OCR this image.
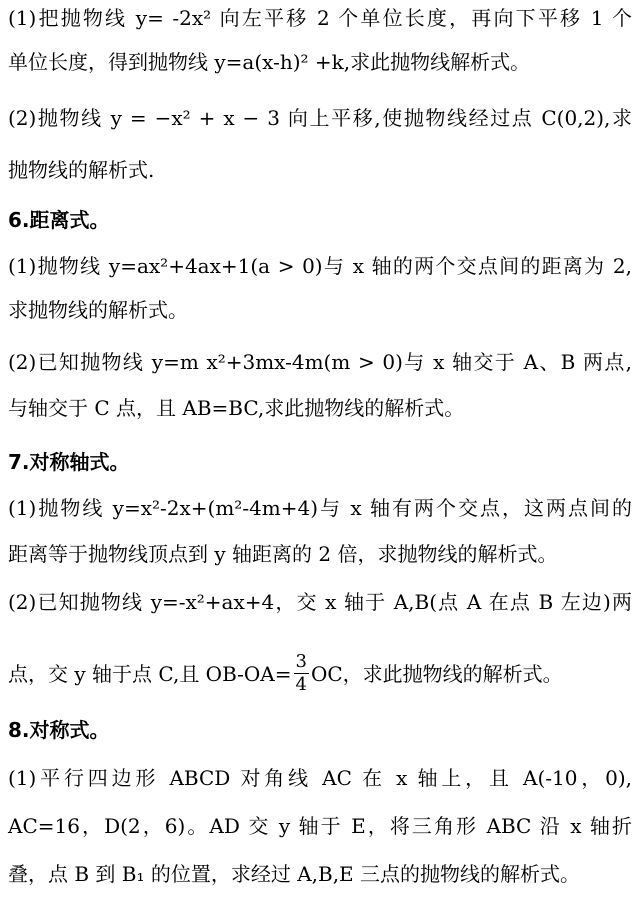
(1)把抛物线 y= -2x² 向左平移 2 个单位长度，再向下平移 1 个
单位长度，得到抛物线 y=a(x-h)² +k,求此抛物线解析式。
(2)抛物线 y = −x² + x − 3 向上平移,使抛物线经过点 C(0,2),求
抛物线的解析式.
6.距离式。
(1)抛物线 y=ax²+4ax+1(a > 0)与 x 轴的两个交点间的距离为 2,
求抛物线的解析式。
(2)已知抛物线 y=m x²+3mx-4m(m > 0)与 x 轴交于 A、B 两点,
与轴交于 C 点，且 AB=BC,求此抛物线的解析式。
7.对称轴式。
(1)抛物线 y=x²-2x+(m²-4m+4)与 x 轴有两个交点，这两点间的
距离等于抛物线顶点到 y 轴距离的 2 倍，求抛物线的解析式。
(2)已知抛物线 y=-x²+ax+4，交 x 轴于 A,B(点 A 在点 B 左边)两
点，交 y 轴于点 C,且 $OB-OA= \frac{3}{4}$ OC，求此抛物线的解析式。
8.对称式。
(1)平行四边形 ABCD 对角线 AC 在 x 轴上，且 A(-10，0),
AC=16，D(2，6)。AD 交 y 轴于 E，将三角形 ABC 沿 x 轴折
叠，点 B 到 B₁ 的位置，求经过 A,B,E 三点的抛物线的解析式。
